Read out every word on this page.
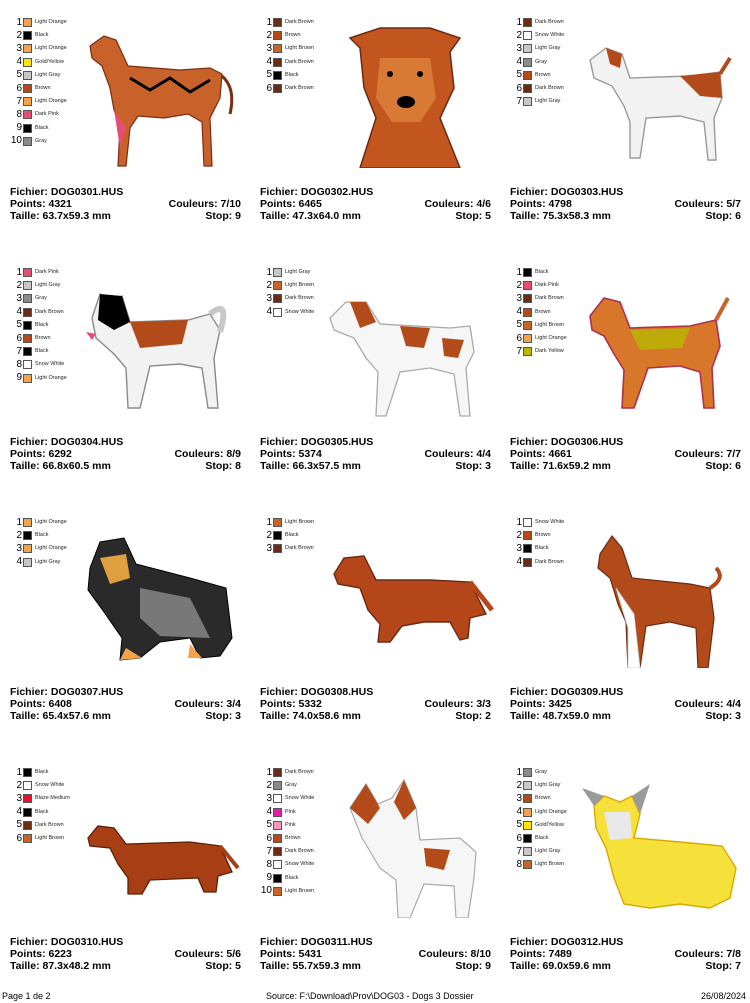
1 Light Orange
2 Black
3 Light Orange
4 Gold/Yellow
5 Light Gray
6 Brown
7 Light Orange
8 Dark Pink
9 Black
10 Gray
Fichier: DOG0301.HUS
Points: 4321	Couleurs: 7/10
Taille: 63.7x59.3 mm	Stop: 9
1 Dark Brown
2 Brown
3 Light Brown
4 Dark Brown
5 Black
6 Dark Brown
Fichier: DOG0302.HUS
Points: 6465	Couleurs: 4/6
Taille: 47.3x64.0 mm	Stop: 5
1 Dark Brown
2 Snow White
3 Light Gray
4 Gray
5 Brown
6 Dark Brown
7 Light Gray
Fichier: DOG0303.HUS
Points: 4798	Couleurs: 5/7
Taille: 75.3x58.3 mm	Stop: 6
1 Dark Pink
2 Light Gray
3 Gray
4 Dark Brown
5 Black
6 Brown
7 Black
8 Snow White
9 Light Orange
Fichier: DOG0304.HUS
Points: 6292	Couleurs: 8/9
Taille: 66.8x60.5 mm	Stop: 8
1 Light Gray
2 Light Brown
3 Dark Brown
4 Snow White
Fichier: DOG0305.HUS
Points: 5374	Couleurs: 4/4
Taille: 66.3x57.5 mm	Stop: 3
1 Black
2 Dark Pink
3 Dark Brown
4 Brown
5 Light Brown
6 Light Orange
7 Dark Yellow
Fichier: DOG0306.HUS
Points: 4661	Couleurs: 7/7
Taille: 71.6x59.2 mm	Stop: 6
1 Light Orange
2 Black
3 Light Orange
4 Light Gray
Fichier: DOG0307.HUS
Points: 6408	Couleurs: 3/4
Taille: 65.4x57.6 mm	Stop: 3
1 Light Brown
2 Black
3 Dark Brown
Fichier: DOG0308.HUS
Points: 5332	Couleurs: 3/3
Taille: 74.0x58.6 mm	Stop: 2
1 Snow White
2 Brown
3 Black
4 Dark Brown
Fichier: DOG0309.HUS
Points: 3425	Couleurs: 4/4
Taille: 48.7x59.0 mm	Stop: 3
1 Black
2 Snow White
3 Blaze Medium
4 Black
5 Dark Brown
6 Light Brown
Fichier: DOG0310.HUS
Points: 6223	Couleurs: 5/6
Taille: 87.3x48.2 mm	Stop: 5
1 Dark Brown
2 Gray
3 Snow White
4 Pink
5 Pink
6 Brown
7 Dark Brown
8 Snow White
9 Black
10 Light Brown
Fichier: DOG0311.HUS
Points: 5431	Couleurs: 8/10
Taille: 55.7x59.3 mm	Stop: 9
1 Gray
2 Light Gray
3 Brown
4 Light Orange
5 Gold/Yellow
6 Black
7 Light Gray
8 Light Brown
Fichier: DOG0312.HUS
Points: 7489	Couleurs: 7/8
Taille: 69.0x59.6 mm	Stop: 7
Page 1 de 2	Source: F:\Download\Prov\DOG03 - Dogs 3 Dossier	26/08/2024
